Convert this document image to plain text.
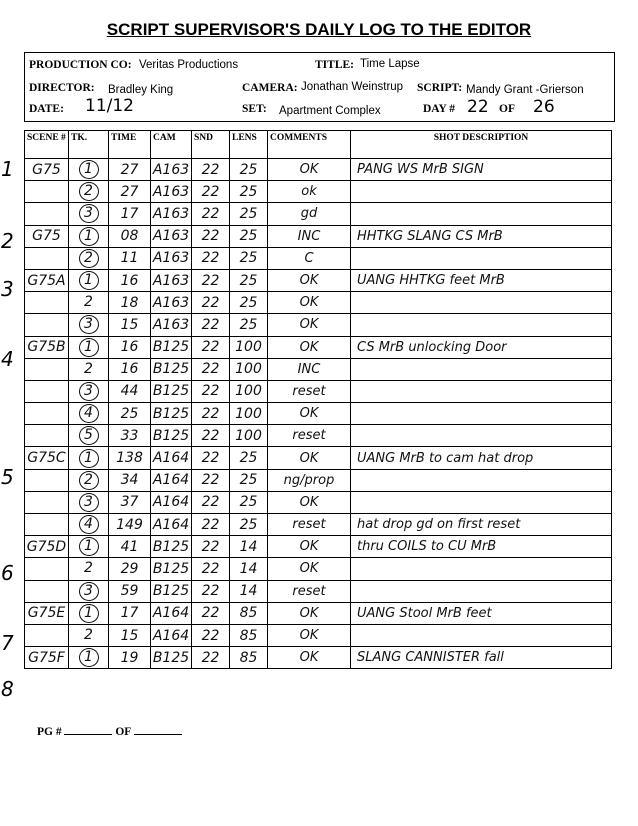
SCRIPT SUPERVISOR'S DAILY LOG TO THE EDITOR
PRODUCTION CO: Veritas Productions	TITLE: Time Lapse
DIRECTOR: Bradley King	CAMERA: Jonathan Weinstrup SCRIPT: Mandy Grant -Grierson
DATE: 11/12	SET: Apartment Complex	DAY # 22 OF 26
SCENE #	TK.	TIME	CAM	SND	LENS	COMMENTS	SHOT DESCRIPTION
G75	1	27	A163	22	25	OK	PANG WS MrB SIGN
	2	27	A163	22	25	ok	
	3	17	A163	22	25	gd	
G75	1	08	A163	22	25	INC	HHTKG SLANG CS MrB
	2	11	A163	22	25	C	
G75A	1	16	A163	22	25	OK	UANG HHTKG feet MrB
	2	18	A163	22	25	OK	
	3	15	A163	22	25	OK	
G75B	1	16	B125	22	100	OK	CS MrB unlocking Door
	2	16	B125	22	100	INC	
	3	44	B125	22	100	reset	
	4	25	B125	22	100	OK	
	5	33	B125	22	100	reset	
G75C	1	138	A164	22	25	OK	UANG MrB to cam hat drop
	2	34	A164	22	25	ng/prop	
	3	37	A164	22	25	OK	
	4	149	A164	22	25	reset	hat drop gd on first reset
G75D	1	41	B125	22	14	OK	thru COILS to CU MrB
	2	29	B125	22	14	OK	
	3	59	B125	22	14	reset	
G75E	1	17	A164	22	85	OK	UANG Stool MrB feet
	2	15	A164	22	85	OK	
G75F	1	19	B125	22	85	OK	SLANG CANNISTER fall
1
2
3
4
5
6
7
8
PG #	OF
